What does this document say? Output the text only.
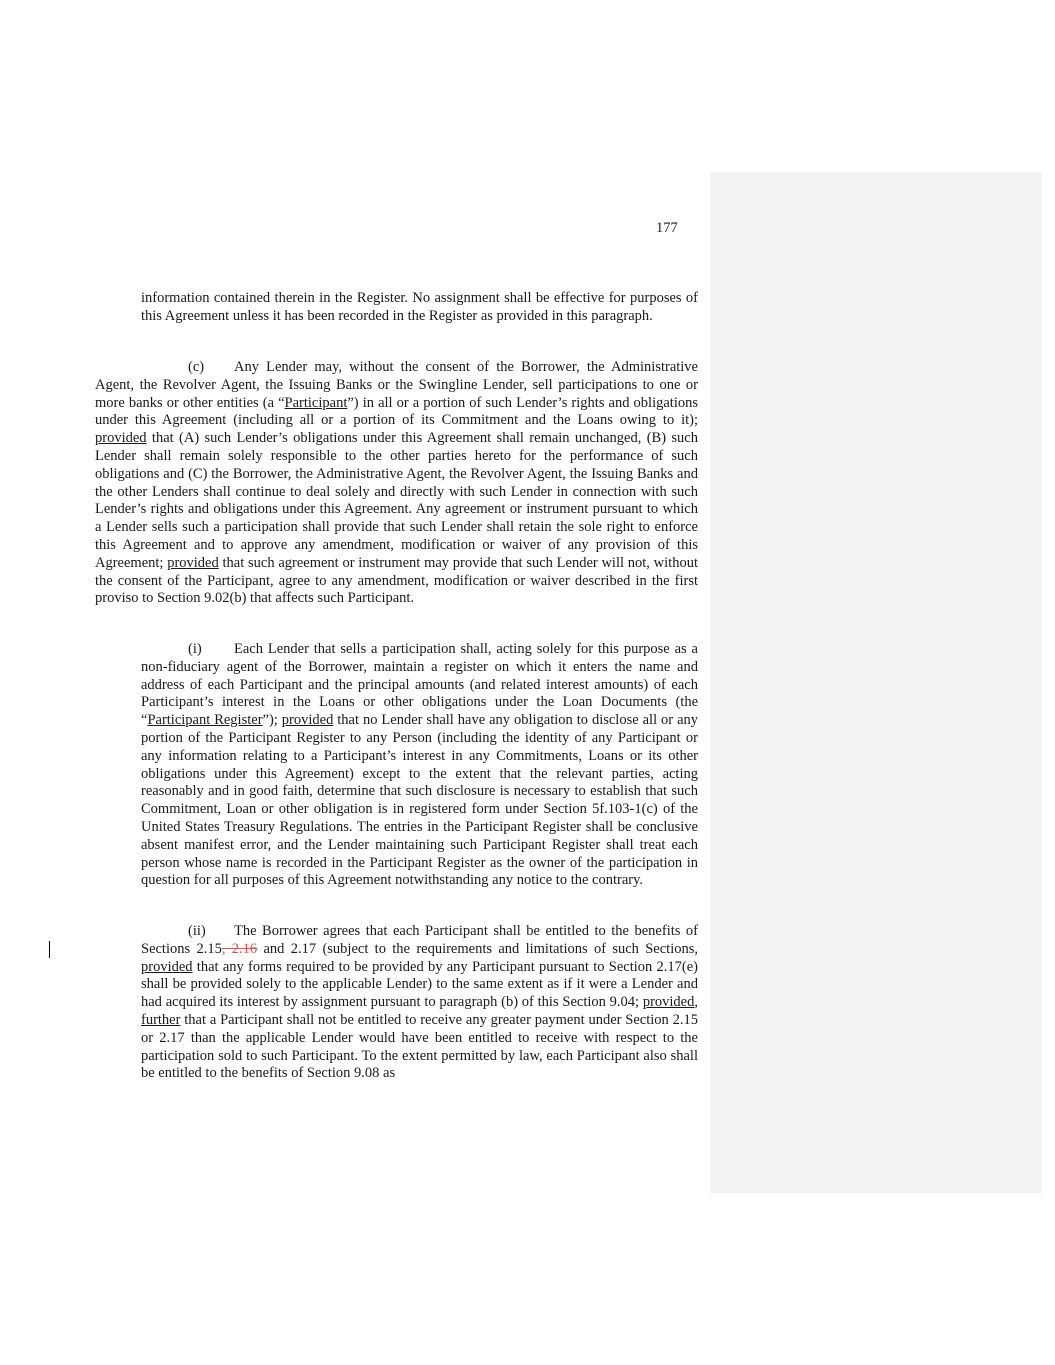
177

information contained therein in the Register. No assignment shall be effective for purposes of this Agreement unless it has been recorded in the Register as provided in this paragraph.

(c) Any Lender may, without the consent of the Borrower, the Administrative Agent, the Revolver Agent, the Issuing Banks or the Swingline Lender, sell participations to one or more banks or other entities (a “Participant”) in all or a portion of such Lender’s rights and obligations under this Agreement (including all or a portion of its Commitment and the Loans owing to it); provided that (A) such Lender’s obligations under this Agreement shall remain unchanged, (B) such Lender shall remain solely responsible to the other parties hereto for the performance of such obligations and (C) the Borrower, the Administrative Agent, the Revolver Agent, the Issuing Banks and the other Lenders shall continue to deal solely and directly with such Lender in connection with such Lender’s rights and obligations under this Agreement. Any agreement or instrument pursuant to which a Lender sells such a participation shall provide that such Lender shall retain the sole right to enforce this Agreement and to approve any amendment, modification or waiver of any provision of this Agreement; provided that such agreement or instrument may provide that such Lender will not, without the consent of the Participant, agree to any amendment, modification or waiver described in the first proviso to Section 9.02(b) that affects such Participant.

(i) Each Lender that sells a participation shall, acting solely for this purpose as a non-fiduciary agent of the Borrower, maintain a register on which it enters the name and address of each Participant and the principal amounts (and related interest amounts) of each Participant’s interest in the Loans or other obligations under the Loan Documents (the “Participant Register”); provided that no Lender shall have any obligation to disclose all or any portion of the Participant Register to any Person (including the identity of any Participant or any information relating to a Participant’s interest in any Commitments, Loans or its other obligations under this Agreement) except to the extent that the relevant parties, acting reasonably and in good faith, determine that such disclosure is necessary to establish that such Commitment, Loan or other obligation is in registered form under Section 5f.103-1(c) of the United States Treasury Regulations. The entries in the Participant Register shall be conclusive absent manifest error, and the Lender maintaining such Participant Register shall treat each person whose name is recorded in the Participant Register as the owner of the participation in question for all purposes of this Agreement notwithstanding any notice to the contrary.

(ii) The Borrower agrees that each Participant shall be entitled to the benefits of Sections 2.15, 2.16 and 2.17 (subject to the requirements and limitations of such Sections, provided that any forms required to be provided by any Participant pursuant to Section 2.17(e) shall be provided solely to the applicable Lender) to the same extent as if it were a Lender and had acquired its interest by assignment pursuant to paragraph (b) of this Section 9.04; provided, further that a Participant shall not be entitled to receive any greater payment under Section 2.15 or 2.17 than the applicable Lender would have been entitled to receive with respect to the participation sold to such Participant. To the extent permitted by law, each Participant also shall be entitled to the benefits of Section 9.08 as
